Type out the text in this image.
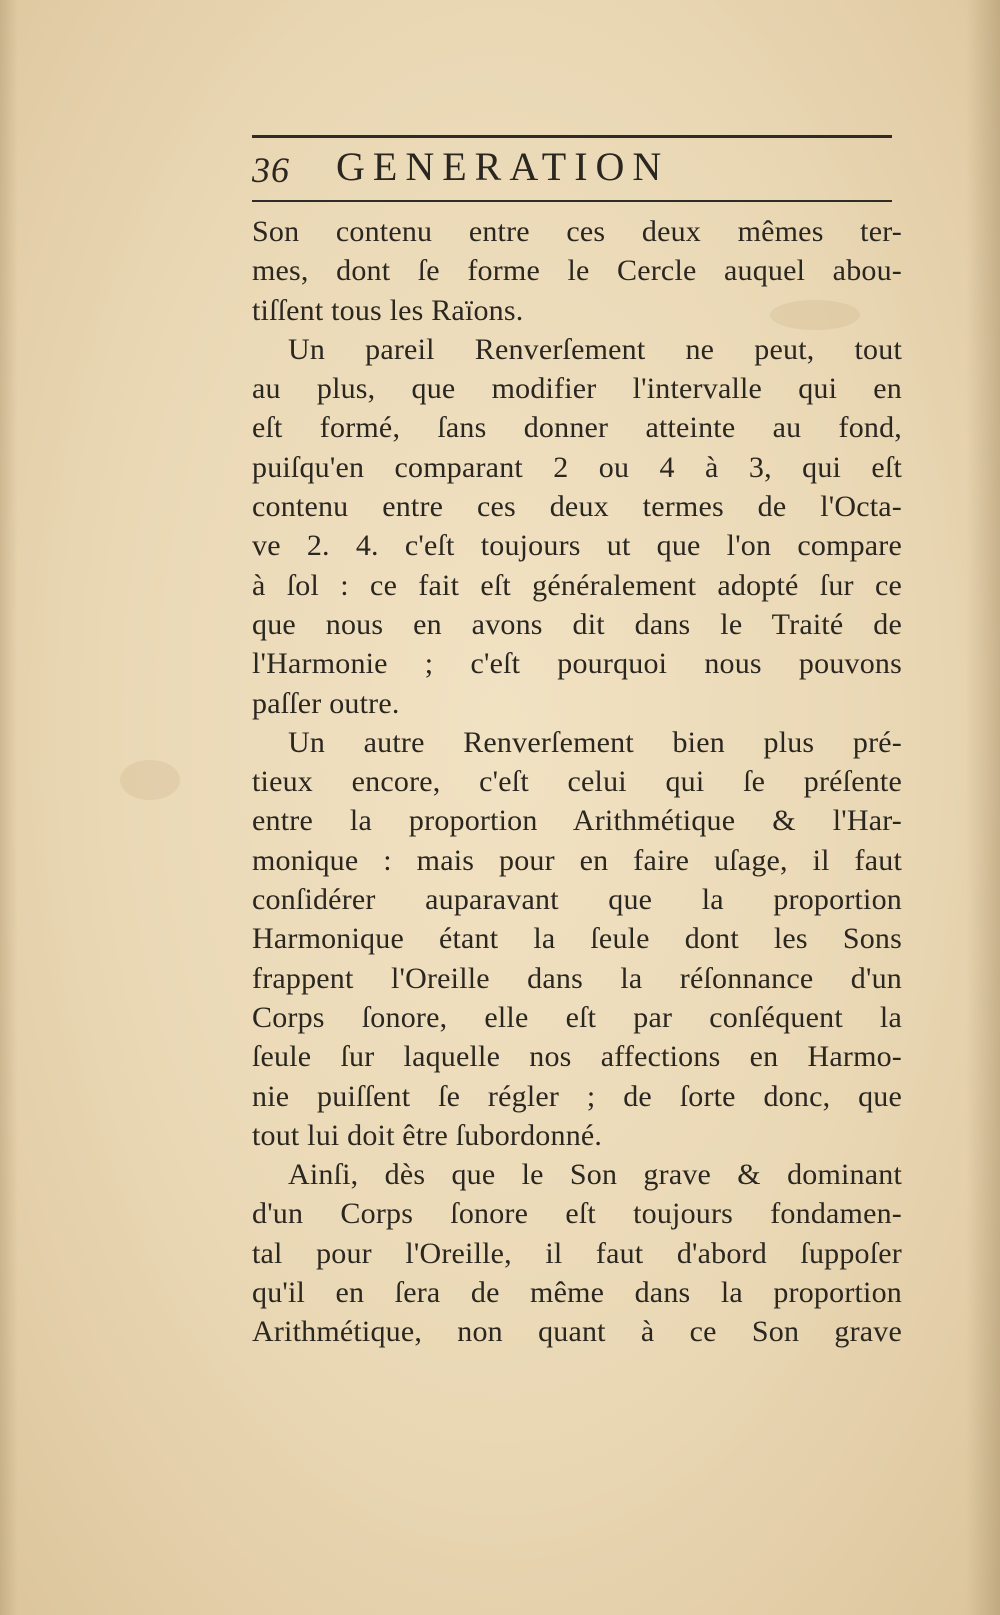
36 GENERATION
Son contenu entre ces deux mêmes ter-
mes, dont ſe forme le Cercle auquel abou-
tiſſent tous les Raïons.
Un pareil Renverſement ne peut, tout
au plus, que modifier l'intervalle qui en
eſt formé, ſans donner atteinte au fond,
puiſqu'en comparant 2 ou 4 à 3, qui eſt
contenu entre ces deux termes de l'Octa-
ve 2. 4. c'eſt toujours ut que l'on compare
à ſol : ce fait eſt généralement adopté ſur ce
que nous en avons dit dans le Traité de
l'Harmonie ; c'eſt pourquoi nous pouvons
paſſer outre.
Un autre Renverſement bien plus pré-
tieux encore, c'eſt celui qui ſe préſente
entre la proportion Arithmétique & l'Har-
monique : mais pour en faire uſage, il faut
conſidérer auparavant que la proportion
Harmonique étant la ſeule dont les Sons
frappent l'Oreille dans la réſonnance d'un
Corps ſonore, elle eſt par conſéquent la
ſeule ſur laquelle nos affections en Harmo-
nie puiſſent ſe régler ; de ſorte donc, que
tout lui doit être ſubordonné.
Ainſi, dès que le Son grave & dominant
d'un Corps ſonore eſt toujours fondamen-
tal pour l'Oreille, il faut d'abord ſuppoſer
qu'il en ſera de même dans la proportion
Arithmétique, non quant à ce Son grave
